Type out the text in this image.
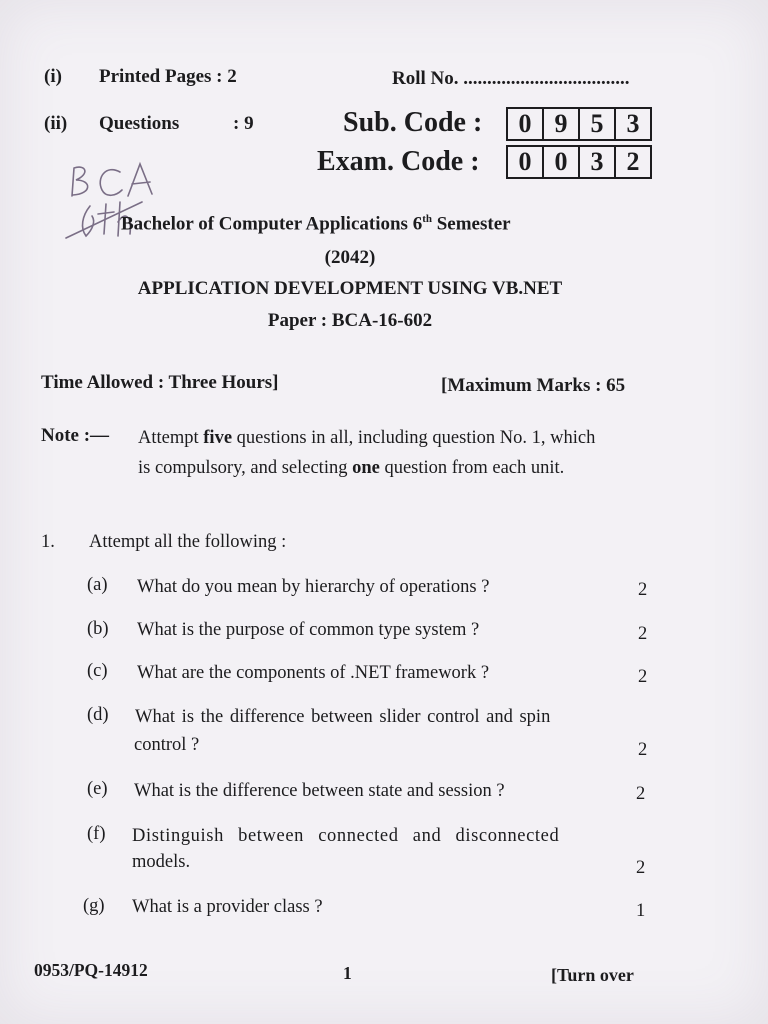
(i) Printed Pages : 2	Roll No. ...................................
(ii) Questions	: 9	Sub. Code :	0 9 5 3
Exam. Code :	0 0 3 2
Bachelor of Computer Applications 6th Semester
(2042)
APPLICATION DEVELOPMENT USING VB.NET
Paper : BCA-16-602
Time Allowed : Three Hours]	[Maximum Marks : 65
Note :— Attempt five questions in all, including question No. 1, which
is compulsory, and selecting one question from each unit.
1. Attempt all the following :
(a) What do you mean by hierarchy of operations ?	2
(b) What is the purpose of common type system ?	2
(c) What are the components of .NET framework ?	2
(d) What is the difference between slider control and spin
control ?	2
(e) What is the difference between state and session ?	2
(f) Distinguish between connected and disconnected
models.	2
(g) What is a provider class ?	1
0953/PQ-14912	1	[Turn over
